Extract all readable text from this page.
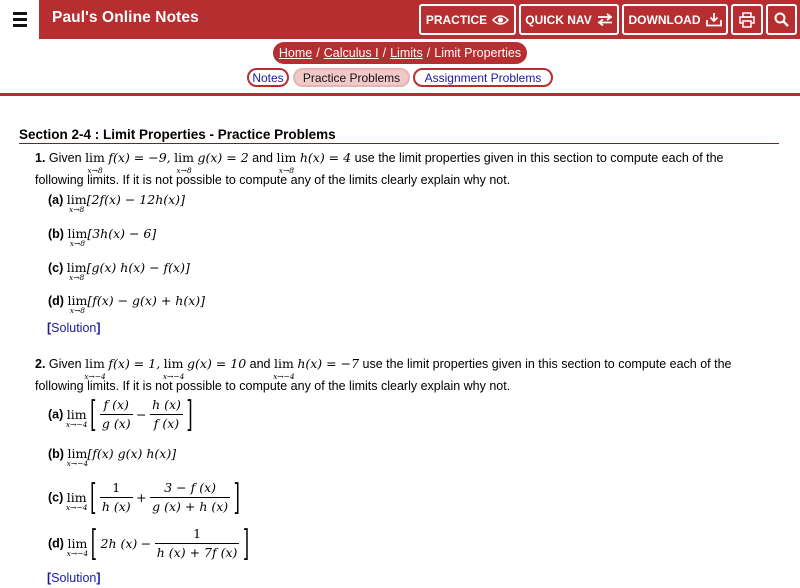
Paul's Online Notes	PRACTICE	QUICK NAV	DOWNLOAD
Home / Calculus I / Limits / Limit Properties
Notes	Practice Problems	Assignment Problems
Section 2-4 : Limit Properties - Practice Problems
1. Given lim
x→8
f(x) = −9, lim
x→8
g(x) = 2 and lim
x→8
h(x) = 4 use the limit properties given in this section to compute each of the
following limits. If it is not possible to compute any of the limits clearly explain why not.
(a) lim
x→8
[2f(x) − 12h(x)]
(b) lim
x→8
[3h(x) − 6]
(c) lim
x→8
[g(x) h(x) − f(x)]
(d) lim
x→8
[f(x) − g(x) + h(x)]
[Solution]
2. Given lim
x→−4
f(x) = 1, lim
x→−4
g(x) = 10 and lim
x→−4
h(x) = −7 use the limit properties given in this section to compute each of the
following limits. If it is not possible to compute any of the limits clearly explain why not.
(a) lim
x→−4 [ $\frac{f (x)}{g (x)} - \frac{h (x)}{f (x)}$ ]
(b) lim
x→−4
[f(x) g(x) h(x)]
(c) lim
x→−4 [ $\frac{1}{h (x)} + \frac{3 - f (x)}{g (x) + h (x)}$ ]
(d) lim
x→−4 [ 2h $(x) - \frac{1}{h (x) + 7f (x)}$ ]
[Solution]
